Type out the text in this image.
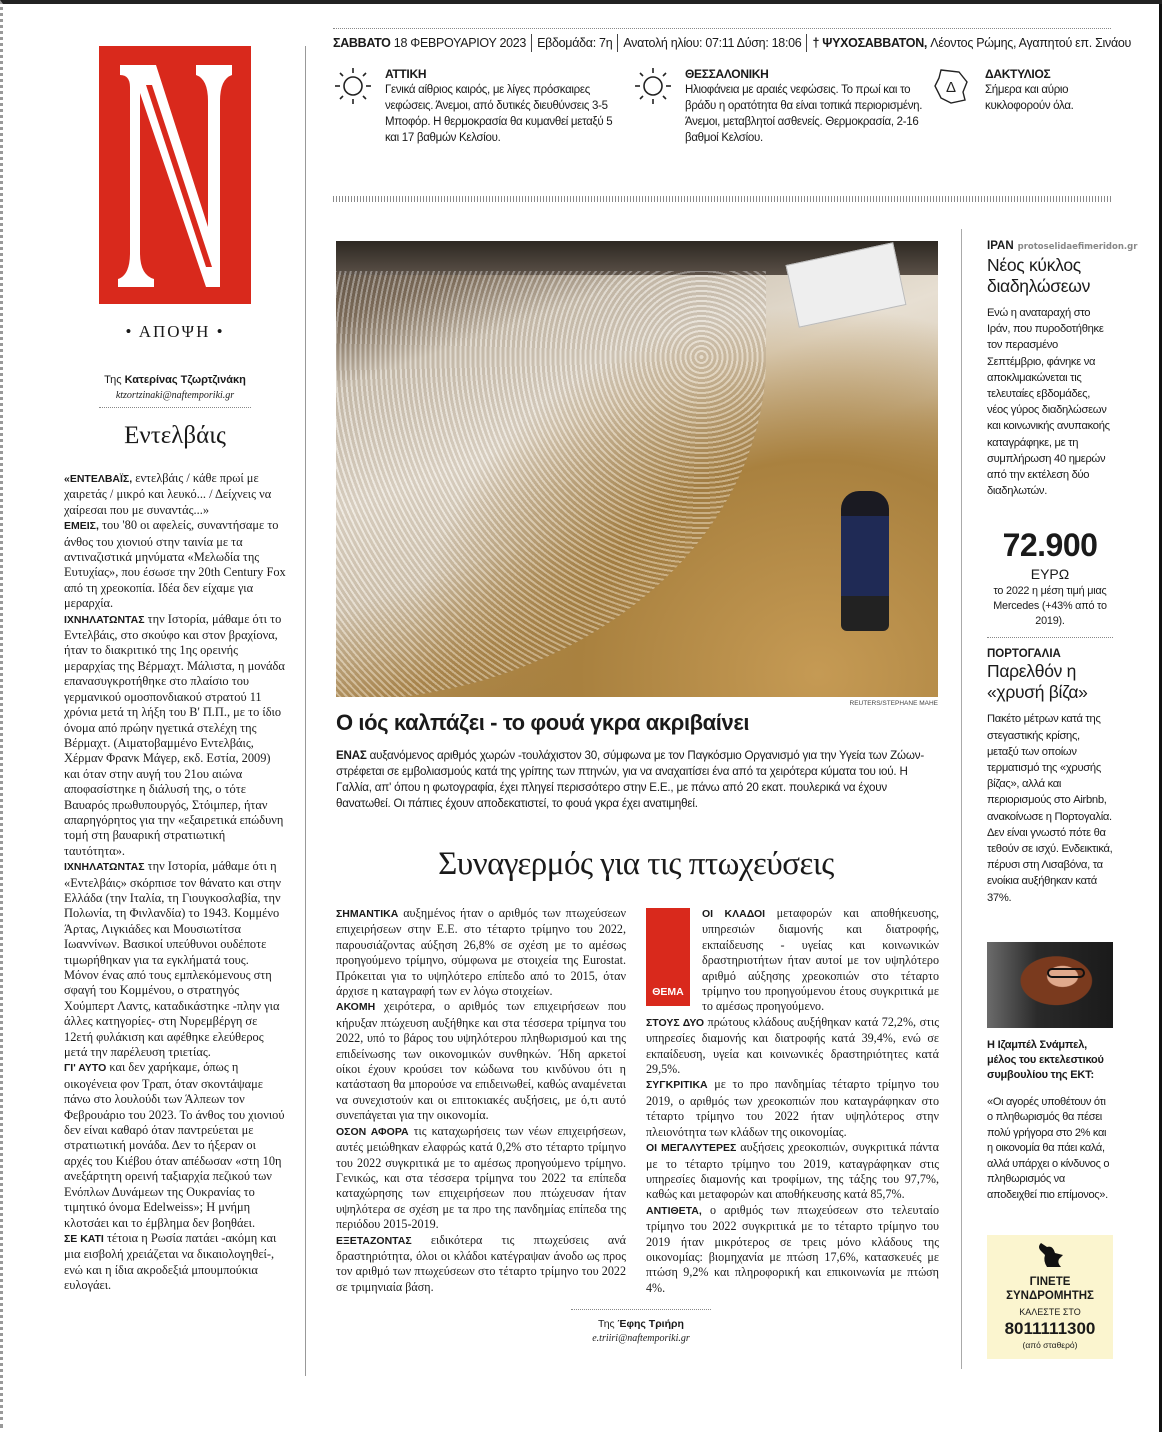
• ΑΠΟΨΗ •
Της Κατερίνας Τζωρτζινάκη
ktzortzinaki@naftemporiki.gr
Εντελβάις

«ΕΝΤΕΛΒΑΪΣ, εντελβάις / κάθε πρωί με χαιρετάς / μικρό και λευκό... / Δείχνεις να χαίρεσαι που με συναντάς...»

ΕΜΕΙΣ, του '80 οι αφελείς, συναντήσαμε το άνθος του χιονιού στην ταινία με τα αντιναζιστικά μηνύματα «Μελωδία της Ευτυχίας», που έσωσε την 20th Century Fox από τη χρεοκοπία. Ιδέα δεν είχαμε για μεραρχία.

ΙΧΝΗΛΑΤΩΝΤΑΣ την Ιστορία, μάθαμε ότι το Εντελβάις, στο σκούφο και στον βραχίονα, ήταν το διακριτικό της 1ης ορεινής μεραρχίας της Βέρμαχτ. Μάλιστα, η μονάδα επανασυγκροτήθηκε στο πλαίσιο του γερμανικού ομοσπονδιακού στρατού 11 χρόνια μετά τη λήξη του Β' Π.Π., με το ίδιο όνομα από πρώην ηγετικά στελέχη της Βέρμαχτ. (Αιματοβαμμένο Εντελβάις, Χέρμαν Φρανκ Μάγερ, εκδ. Εστία, 2009) και όταν στην αυγή του 21ου αιώνα αποφασίστηκε η διάλυσή της, ο τότε Βαυαρός πρωθυπουργός, Στόιμπερ, ήταν απαρηγόρητος για την «εξαιρετικά επώδυνη τομή στη βαυαρική στρατιωτική ταυτότητα».

ΙΧΝΗΛΑΤΩΝΤΑΣ την Ιστορία, μάθαμε ότι η «Εντελβάις» σκόρπισε τον θάνατο και στην Ελλάδα (την Ιταλία, τη Γιουγκοσλαβία, την Πολωνία, τη Φινλανδία) το 1943. Κομμένο Άρτας, Λιγκιάδες και Μουσιωτίτσα Ιωαννίνων. Βασικοί υπεύθυνοι ουδέποτε τιμωρήθηκαν για τα εγκλήματά τους. Μόνον ένας από τους εμπλεκόμενους στη σφαγή του Κομμένου, ο στρατηγός Χούμπερτ Λαντς, καταδικάστηκε -πλην για άλλες κατηγορίες- στη Νυρεμβέργη σε 12ετή φυλάκιση και αφέθηκε ελεύθερος μετά την παρέλευση τριετίας.

ΓΙ' ΑΥΤΟ και δεν χαρήκαμε, όπως η οικογένεια φον Τραπ, όταν σκοντάψαμε πάνω στο λουλούδι των Άλπεων τον Φεβρουάριο του 2023. Το άνθος του χιονιού δεν είναι καθαρό όταν παντρεύεται με στρατιωτική μονάδα. Δεν το ήξεραν οι αρχές του Κιέβου όταν απέδωσαν «στη 10η ανεξάρτητη ορεινή ταξιαρχία πεζικού των Ενόπλων Δυνάμεων της Ουκρανίας το τιμητικό όνομα Edelweiss»; Η μνήμη κλοτσάει και το έμβλημα δεν βοηθάει.

ΣΕ ΚΑΤΙ τέτοια η Ρωσία πατάει -ακόμη και μια εισβολή χρειάζεται να δικαιολογηθεί-, ενώ και η ίδια ακροδεξιά μπουμπούκια ευλογάει.

ΣΑΒΒΑΤΟ
18 ΦΕΒΡΟΥΑΡΙΟΥ 2023 Εβδομάδα: 7η Ανατολή ηλίου: 07:11 Δύση: 18:06 † ΨΥΧΟΣΑΒΒΑΤΟΝ,
Λέοντος Ρώμης, Αγαπητού επ. Σινάου
ΑΤΤΙΚΗ
Γενικά αίθριος καιρός, με λίγες πρόσκαιρες νεφώσεις. Άνεμοι, από δυτικές διευθύνσεις 3-5 Μποφόρ. Η θερμοκρασία θα κυμανθεί μεταξύ 5 και 17 βαθμών Κελσίου.
ΘΕΣΣΑΛΟΝΙΚΗ
Ηλιοφάνεια με αραιές νεφώσεις. Το πρωί και το βράδυ η ορατότητα θα είναι τοπικά περιορισμένη. Άνεμοι, μεταβλητοί ασθενείς. Θερμοκρασία, 2-16 βαθμοί Κελσίου.
Δ
ΔΑΚΤΥΛΙΟΣ
Σήμερα και αύριο κυκλοφορούν όλα.
REUTERS/STEPHANE MAHE
Ο ιός καλπάζει - το φουά γκρα ακριβαίνει
ΕΝΑΣ αυξανόμενος αριθμός χωρών -τουλάχιστον 30, σύμφωνα με τον Παγκόσμιο Οργανισμό για την Υγεία των Ζώων- στρέφεται σε εμβολιασμούς κατά της γρίπης των πτηνών, για να αναχαιτίσει ένα από τα χειρότερα κύματα του ιού. Η Γαλλία, απ' όπου η φωτογραφία, έχει πληγεί περισσότερο στην Ε.Ε., με πάνω από 20 εκατ. πουλερικά να έχουν θανατωθεί. Οι πάπιες έχουν αποδεκατιστεί, το φουά γκρα έχει ανατιμηθεί.
Συναγερμός για τις πτωχεύσεις

ΣΗΜΑΝΤΙΚΑ αυξημένος ήταν ο αριθμός των πτωχεύσεων επιχειρήσεων στην Ε.Ε. στο τέταρτο τρίμηνο του 2022, παρουσιάζοντας αύξηση 26,8% σε σχέση με το αμέσως προηγούμενο τρίμηνο, σύμφωνα με στοιχεία της Eurostat. Πρόκειται για το υψηλότερο επίπεδο από το 2015, όταν άρχισε η καταγραφή των εν λόγω στοιχείων.

ΑΚΟΜΗ χειρότερα, ο αριθμός των επιχειρήσεων που κήρυξαν πτώχευση αυξήθηκε και στα τέσσερα τρίμηνα του 2022, υπό το βάρος του υψηλότερου πληθωρισμού και της επιδείνωσης των οικονομικών συνθηκών. Ήδη αρκετοί οίκοι έχουν κρούσει τον κώδωνα του κινδύνου ότι η κατάσταση θα μπορούσε να επιδεινωθεί, καθώς αναμένεται να συνεχιστούν και οι επιτοκιακές αυξήσεις, με ό,τι αυτό συνεπάγεται για την οικονομία.

ΟΣΟΝ ΑΦΟΡΑ τις καταχωρήσεις των νέων επιχειρήσεων, αυτές μειώθηκαν ελαφρώς κατά 0,2% στο τέταρτο τρίμηνο του 2022 συγκριτικά με το αμέσως προηγούμενο τρίμηνο. Γενικώς, και στα τέσσερα τρίμηνα του 2022 τα επίπεδα καταχώρησης των επιχειρήσεων που πτώχευσαν ήταν υψηλότερα σε σχέση με τα προ της πανδημίας επίπεδα της περιόδου 2015-2019.

ΕΞΕΤΑΖΟΝΤΑΣ ειδικότερα τις πτωχεύσεις ανά δραστηριότητα, όλοι οι κλάδοι κατέγραψαν άνοδο ως προς τον αριθμό των πτωχεύσεων στο τέταρτο τρίμηνο του 2022 σε τριμηνιαία βάση.

ΘΕΜΑ

ΟΙ ΚΛΑΔΟΙ μεταφορών και αποθήκευσης, υπηρεσιών διαμονής και διατροφής, εκπαίδευσης - υγείας και κοινωνικών δραστηριοτήτων ήταν αυτοί με τον υψηλότερο αριθμό αύξησης χρεοκοπιών στο τέταρτο τρίμηνο του προηγούμενου έτους συγκριτικά με το αμέσως προηγούμενο.

ΣΤΟΥΣ ΔΥΟ πρώτους κλάδους αυξήθηκαν κατά 72,2%, στις υπηρεσίες διαμονής και διατροφής κατά 39,4%, ενώ σε εκπαίδευση, υγεία και κοινωνικές δραστηριότητες κατά 29,5%.

ΣΥΓΚΡΙΤΙΚΑ με το προ πανδημίας τέταρτο τρίμηνο του 2019, ο αριθμός των χρεοκοπιών που καταγράφηκαν στο τέταρτο τρίμηνο του 2022 ήταν υψηλότερος στην πλειονότητα των κλάδων της οικονομίας.

ΟΙ ΜΕΓΑΛΥΤΕΡΕΣ αυξήσεις χρεοκοπιών, συγκριτικά πάντα με το τέταρτο τρίμηνο του 2019, καταγράφηκαν στις υπηρεσίες διαμονής και τροφίμων, της τάξης του 97,7%, καθώς και μεταφορών και αποθήκευσης κατά 85,7%.

ΑΝΤΙΘΕΤΑ, ο αριθμός των πτωχεύσεων στο τελευταίο τρίμηνο του 2022 συγκριτικά με το τέταρτο τρίμηνο του 2019 ήταν μικρότερος σε τρεις μόνο κλάδους της οικονομίας: βιομηχανία με πτώση 17,6%, κατασκευές με πτώση 9,2% και πληροφορική και επικοινωνία με πτώση 4%.

Της Έφης Τριήρη
e.triiri@naftemporiki.gr
ΙΡΑΝ protoselidaefimeridon.gr
Νέος κύκλος διαδηλώσεων
Ενώ η αναταραχή στο Ιράν, που πυροδοτήθηκε τον περασμένο Σεπτέμβριο, φάνηκε να αποκλιμακώνεται τις τελευταίες εβδομάδες, νέος γύρος διαδηλώσεων και κοινωνικής ανυπακοής καταγράφηκε, με τη συμπλήρωση 40 ημερών από την εκτέλεση δύο διαδηλωτών.
72.900
ΕΥΡΩ
το 2022 η μέση τιμή μιας Mercedes (+43% από το 2019).
ΠΟΡΤΟΓΑΛΙΑ
Παρελθόν η «χρυσή βίζα»
Πακέτο μέτρων κατά της στεγαστικής κρίσης, μεταξύ των οποίων τερματισμό της «χρυσής βίζας», αλλά και περιορισμούς στο Airbnb, ανακοίνωσε η Πορτογαλία. Δεν είναι γνωστό πότε θα τεθούν σε ισχύ. Ενδεικτικά, πέρυσι στη Λισαβόνα, τα ενοίκια αυξήθηκαν κατά 37%.
Η Ιζαμπέλ Σνάμπελ, μέλος του εκτελεστικού συμβουλίου της ΕΚΤ:
«Οι αγορές υποθέτουν ότι ο πληθωρισμός θα πέσει πολύ γρήγορα στο 2% και η οικονομία θα πάει καλά, αλλά υπάρχει ο κίνδυνος ο πληθωρισμός να αποδειχθεί πιο επίμονος».
ΓΙΝΕΤΕ
ΣΥΝΔΡΟΜΗΤΗΣ
ΚΑΛΕΣΤΕ ΣΤΟ
8011111300
(από σταθερό)
